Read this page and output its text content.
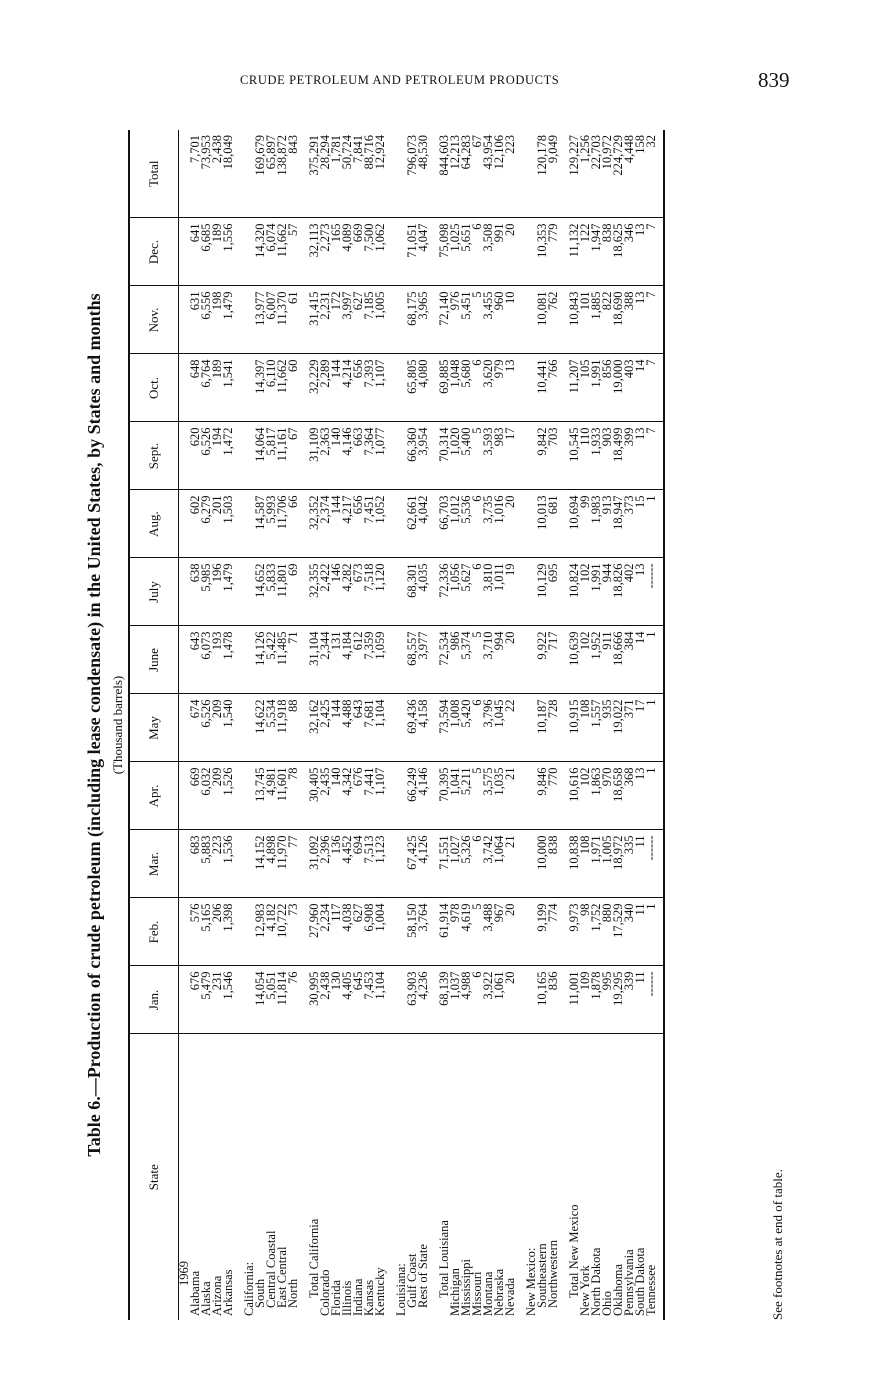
CRUDE PETROLEUM AND PETROLEUM PRODUCTS	839
Table 6.—Production of crude petroleum (including lease condensate) in the United States, by States and months (Thousand barrels)
State	Jan.	Feb.	Mar.	Apr.	May	June	July	Aug.	Sept.	Oct.	Nov.	Dec.	Total
1969													
Alabama	676	576	683	669	674	643	638	602	620	648	631	641	7,701
Alaska	5,479	5,165	5,883	6,032	6,526	6,073	5,985	6,279	6,526	6,764	6,556	6,685	73,953
Arizona	231	206	223	209	209	193	196	201	194	189	198	189	2,438
Arkansas	1,546	1,398	1,536	1,526	1,540	1,478	1,479	1,503	1,472	1,541	1,479	1,556	18,049

California:													
South	14,054	12,983	14,152	13,745	14,622	14,126	14,652	14,587	14,064	14,397	13,977	14,320	169,679
Central Coastal	5,051	4,182	4,898	4,981	5,534	5,422	5,833	5,993	5,817	6,110	6,007	6,074	65,897
East Central	11,814	10,722	11,970	11,601	11,918	11,485	11,801	11,706	11,161	11,662	11,370	11,662	138,872
North	76	73	77	78	88	71	69	66	67	60	61	57	843

Total California	30,995	27,960	31,092	30,405	32,162	31,104	32,355	32,352	31,109	32,229	31,415	32,113	375,291
Colorado	2,438	2,234	2,396	2,435	2,425	2,344	2,422	2,374	2,363	2,289	2,231	2,273	28,294
Florida	130	117	136	140	144	131	146	144	140	144	172	165	1,781
Illinois	4,405	4,038	4,452	4,342	4,488	4,184	4,282	4,217	4,146	4,214	3,997	4,089	50,724
Indiana	645	627	694	676	643	612	673	656	663	656	627	669	7,841
Kansas	7,453	6,908	7,513	7,441	7,681	7,359	7,518	7,451	7,364	7,393	7,185	7,500	88,716
Kentucky	1,104	1,004	1,123	1,107	1,104	1,059	1,120	1,052	1,077	1,107	1,005	1,062	12,924

Louisiana:													
Gulf Coast	63,903	58,150	67,425	66,249	69,436	68,557	68,301	62,661	66,360	65,805	68,175	71,051	796,073
Rest of State	4,236	3,764	4,126	4,146	4,158	3,977	4,035	4,042	3,954	4,080	3,965	4,047	48,530

Total Louisiana	68,139	61,914	71,551	70,395	73,594	72,534	72,336	66,703	70,314	69,885	72,140	75,098	844,603
Michigan	1,037	978	1,027	1,041	1,008	986	1,056	1,012	1,020	1,048	976	1,025	12,213
Mississippi	4,988	4,619	5,326	5,211	5,420	5,374	5,627	5,536	5,400	5,680	5,451	5,651	64,283
Missouri	6	5	6	5	6	5	6	6	5	6	5	6	67
Montana	3,922	3,488	3,742	3,575	3,796	3,710	3,810	3,735	3,593	3,620	3,455	3,508	43,954
Nebraska	1,061	967	1,064	1,035	1,045	994	1,011	1,016	983	979	960	991	12,106
Nevada	20	20	21	21	22	20	19	20	17	13	10	20	223

New Mexico:													
Southeastern	10,165	9,199	10,000	9,846	10,187	9,922	10,129	10,013	9,842	10,441	10,081	10,353	120,178
Northwestern	836	774	838	770	728	717	695	681	703	766	762	779	9,049

Total New Mexico	11,001	9,973	10,838	10,616	10,915	10,639	10,824	10,694	10,545	11,207	10,843	11,132	129,227
New York	109	98	108	102	108	102	102	99	110	105	101	122	1,256
North Dakota	1,878	1,752	1,971	1,863	1,557	1,952	1,991	1,983	1,933	1,991	1,885	1,947	22,703
Ohio	995	880	1,005	970	935	911	944	913	903	856	822	838	10,972
Oklahoma	19,295	17,529	18,972	18,658	19,022	18,666	18,826	18,947	18,499	19,000	18,690	18,625	224,729
Pennsylvania	339	340	335	368	371	384	402	373	399	403	388	346	4,448
South Dakota	11	11	11	13	17	14	13	15	13	14	13	13	158
Tennessee	------	1	------	1	1	1	------	1	7	7	7	7	32

See footnotes at end of table.
